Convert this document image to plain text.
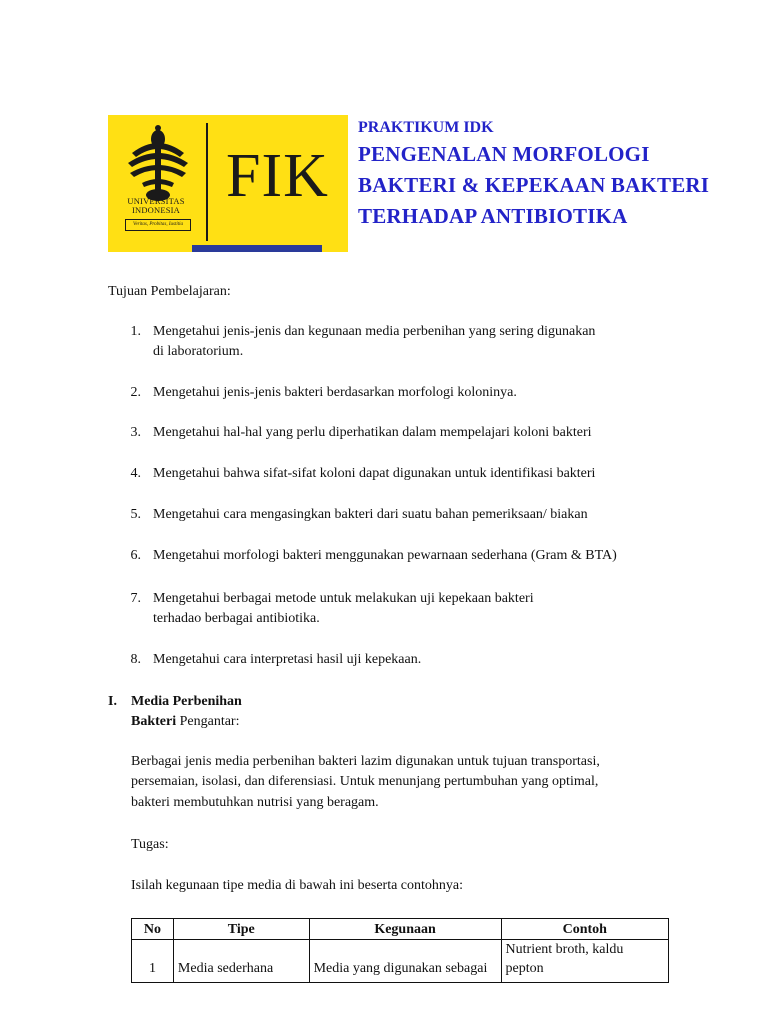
UNIVERSITAS
INDONESIA
Veritas, Probitas, Iustitia
FIK
PRAKTIKUM IDK
PENGENALAN MORFOLOGI
BAKTERI & KEPEKAAN BAKTERI
TERHADAP ANTIBIOTIKA
Tujuan Pembelajaran:
1. Mengetahui jenis-jenis dan kegunaan media perbenihan yang sering digunakan
di laboratorium.
2. Mengetahui jenis-jenis bakteri berdasarkan morfologi koloninya.
3. Mengetahui hal-hal yang perlu diperhatikan dalam mempelajari koloni bakteri
4. Mengetahui bahwa sifat-sifat koloni dapat digunakan untuk identifikasi bakteri
5. Mengetahui cara mengasingkan bakteri dari suatu bahan pemeriksaan/ biakan
6. Mengetahui morfologi bakteri menggunakan pewarnaan sederhana (Gram & BTA)
7. Mengetahui berbagai metode untuk melakukan uji kepekaan bakteri
terhadao berbagai antibiotika.
8. Mengetahui cara interpretasi hasil uji kepekaan.
I. Media Perbenihan
Bakteri Pengantar:
Berbagai jenis media perbenihan bakteri lazim digunakan untuk tujuan transportasi,
persemaian, isolasi, dan diferensiasi. Untuk menunjang pertumbuhan yang optimal,
bakteri membutuhkan nutrisi yang beragam.
Tugas:
Isilah kegunaan tipe media di bawah ini beserta contohnya:
No	Tipe	Kegunaan	Contoh
1	Media sederhana	Media yang digunakan sebagai	Nutrient broth, kaldu
pepton
